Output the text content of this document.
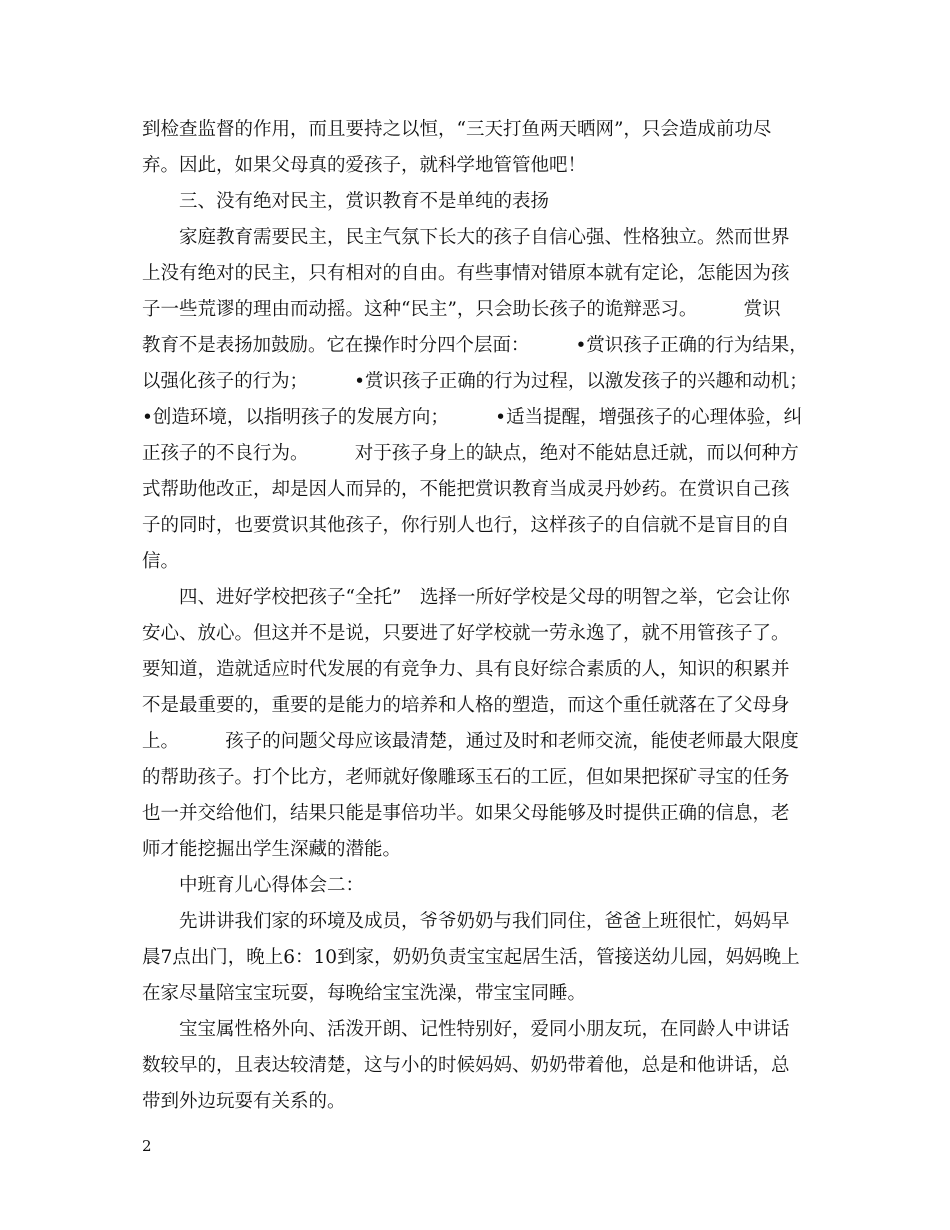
到检查监督的作用，而且要持之以恒，“三天打鱼两天晒网”，只会造成前功尽

弃。因此，如果父母真的爱孩子，就科学地管管他吧！

　　三、没有绝对民主，赏识教育不是单纯的表扬

　　家庭教育需要民主，民主气氛下长大的孩子自信心强、性格独立。然而世界

上没有绝对的民主，只有相对的自由。有些事情对错原本就有定论，怎能因为孩

子一些荒谬的理由而动摇。这种“民主”，只会助长孩子的诡辩恶习。　　　赏识

教育不是表扬加鼓励。它在操作时分四个层面：　　　•赏识孩子正确的行为结果，

以强化孩子的行为；　　　•赏识孩子正确的行为过程，以激发孩子的兴趣和动机；

•创造环境，以指明孩子的发展方向；　　　•适当提醒，增强孩子的心理体验，纠

正孩子的不良行为。　　　对于孩子身上的缺点，绝对不能姑息迁就，而以何种方

式帮助他改正，却是因人而异的，不能把赏识教育当成灵丹妙药。在赏识自己孩

子的同时，也要赏识其他孩子，你行别人也行，这样孩子的自信就不是盲目的自

信。

　　四、进好学校把孩子“全托”　选择一所好学校是父母的明智之举，它会让你

安心、放心。但这并不是说，只要进了好学校就一劳永逸了，就不用管孩子了。

要知道，造就适应时代发展的有竞争力、具有良好综合素质的人，知识的积累并

不是最重要的，重要的是能力的培养和人格的塑造，而这个重任就落在了父母身

上。　　　孩子的问题父母应该最清楚，通过及时和老师交流，能使老师最大限度

的帮助孩子。打个比方，老师就好像雕琢玉石的工匠，但如果把探矿寻宝的任务

也一并交给他们，结果只能是事倍功半。如果父母能够及时提供正确的信息，老

师才能挖掘出学生深藏的潜能。

　　中班育儿心得体会二：

　　先讲讲我们家的环境及成员，爷爷奶奶与我们同住，爸爸上班很忙，妈妈早

晨7点出门，晚上6：10到家，奶奶负责宝宝起居生活，管接送幼儿园，妈妈晚上

在家尽量陪宝宝玩耍，每晚给宝宝洗澡，带宝宝同睡。

　　宝宝属性格外向、活泼开朗、记性特别好，爱同小朋友玩，在同龄人中讲话

数较早的，且表达较清楚，这与小的时候妈妈、奶奶带着他，总是和他讲话，总

带到外边玩耍有关系的。

2
